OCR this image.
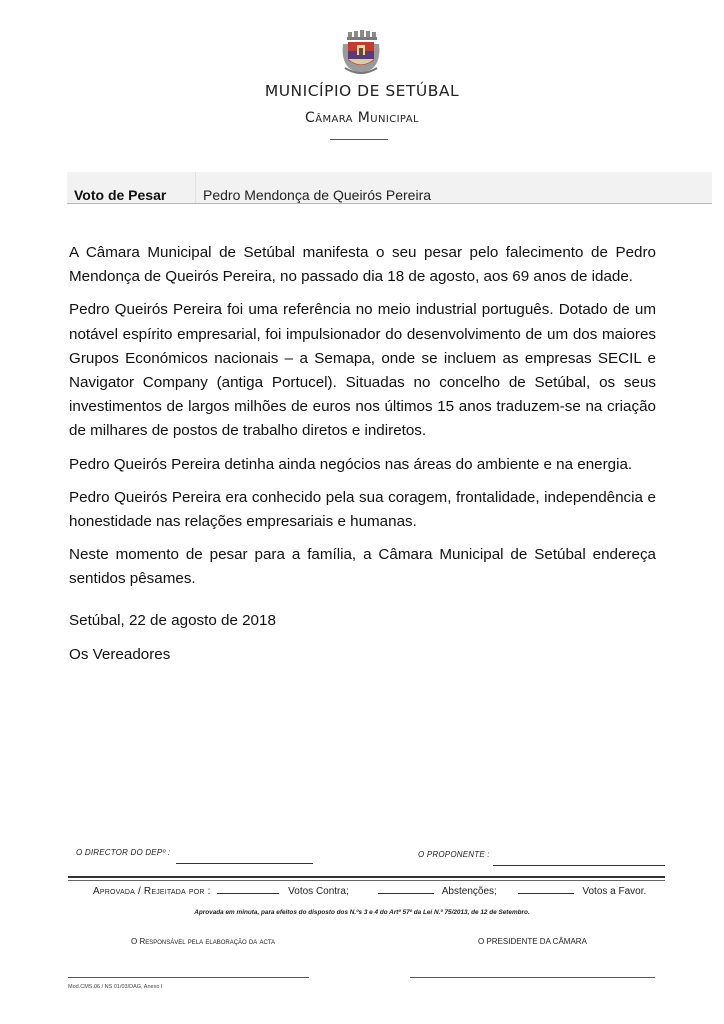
MUNICÍPIO DE SETÚBAL
Câmara Municipal
Voto de Pesar	Pedro Mendonça de Queirós Pereira

A Câmara Municipal de Setúbal manifesta o seu pesar pelo falecimento de Pedro Mendonça de Queirós Pereira, no passado dia 18 de agosto, aos 69 anos de idade.

Pedro Queirós Pereira foi uma referência no meio industrial português. Dotado de um notável espírito empresarial, foi impulsionador do desenvolvimento de um dos maiores Grupos Económicos nacionais – a Semapa, onde se incluem as empresas SECIL e Navigator Company (antiga Portucel). Situadas no concelho de Setúbal, os seus investimentos de largos milhões de euros nos últimos 15 anos traduzem-se na criação de milhares de postos de trabalho diretos e indiretos.

Pedro Queirós Pereira detinha ainda negócios nas áreas do ambiente e na energia.

Pedro Queirós Pereira era conhecido pela sua coragem, frontalidade, independência e honestidade nas relações empresariais e humanas.

Neste momento de pesar para a família, a Câmara Municipal de Setúbal endereça sentidos pêsames.

Setúbal, 22 de agosto de 2018
Os Vereadores
O DIRECTOR DO DEPº :	O PROPONENTE :
Aprovada / Rejeitada por :	Votos Contra;	Abstenções;	Votos a Favor.
Aprovada em minuta, para efeitos do disposto dos N.ºs 3 e 4 do Artº 57º da Lei N.º 75/2013, de 12 de Setembro.
O Responsável pela elaboração da acta	O PRESIDENTE DA CÂMARA
Mod.CMS.06 / NS 01/03/DAG, Anexo I
